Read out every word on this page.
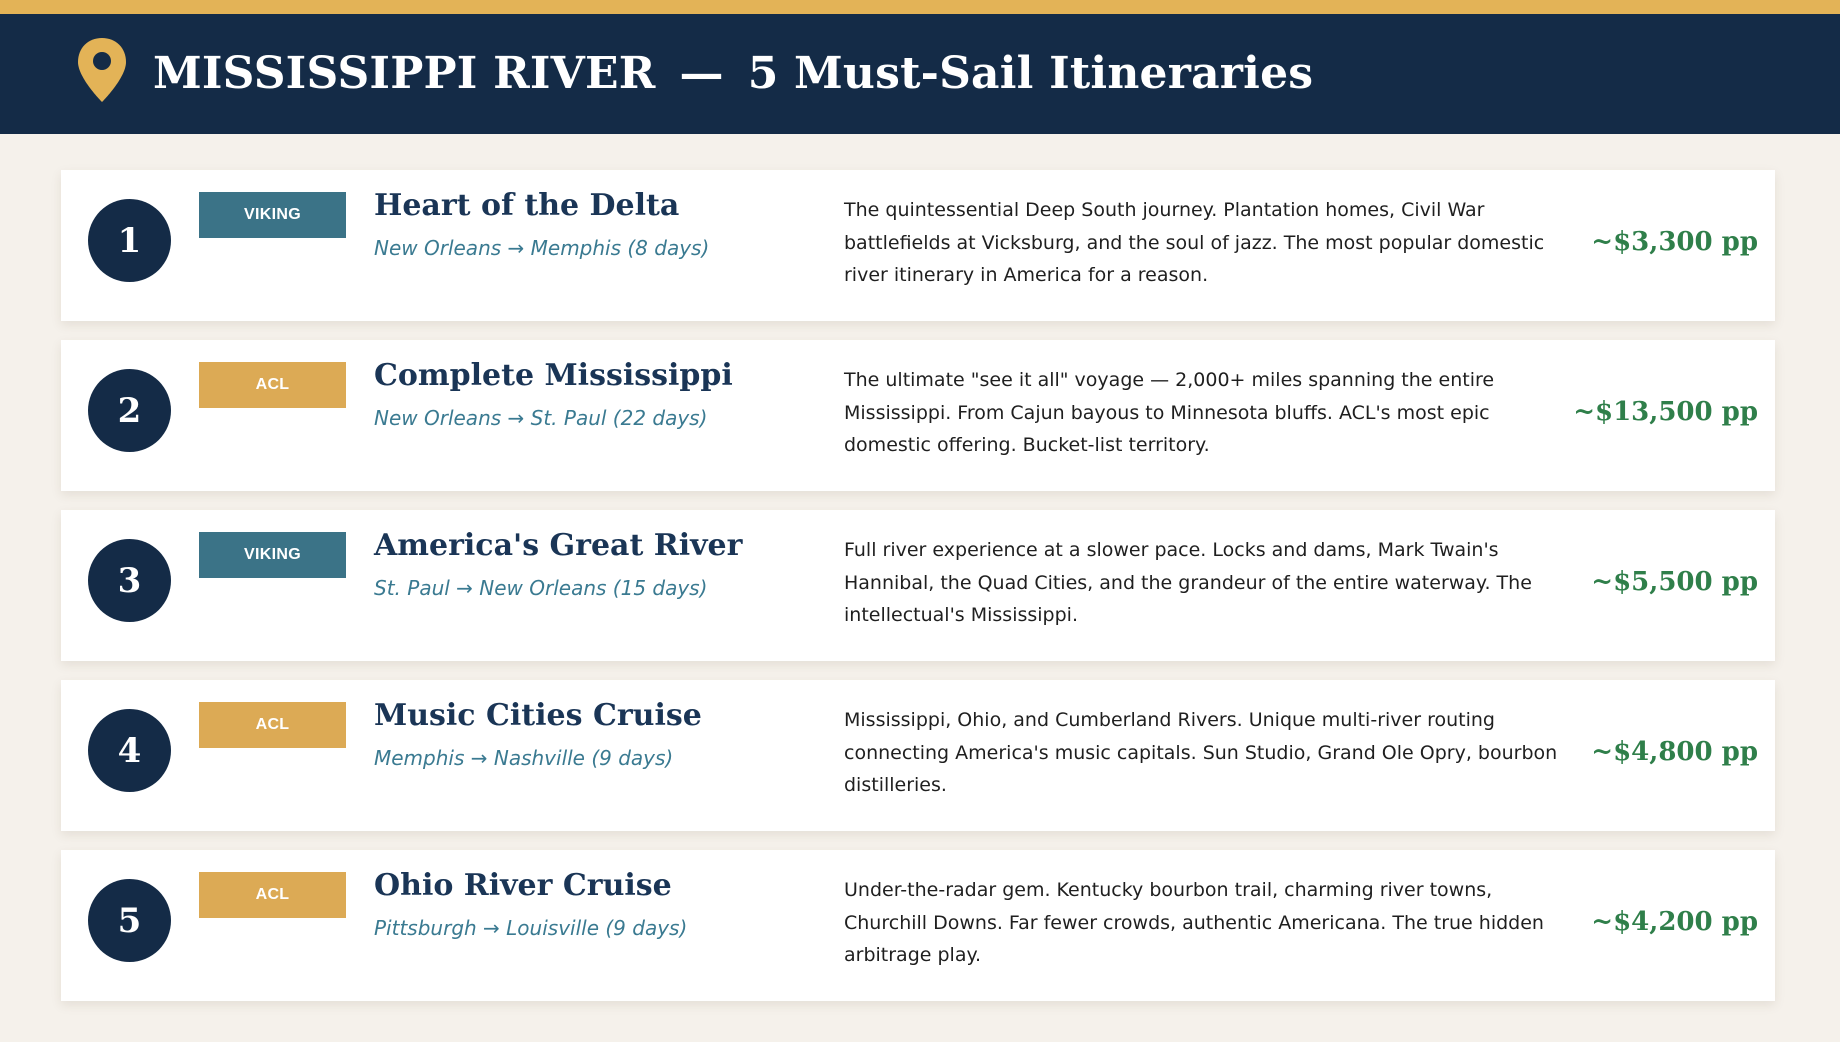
MISSISSIPPI RIVER — 5 Must-Sail Itineraries
1
VIKING	Heart of the Delta
New Orleans → Memphis (8 days)
The quintessential Deep South journey. Plantation homes, Civil War battlefields at Vicksburg, and the soul of jazz. The most popular domestic river itinerary in America for a reason.
~$3,300 pp
2
ACL	Complete Mississippi
New Orleans → St. Paul (22 days)
The ultimate "see it all" voyage — 2,000+ miles spanning the entire Mississippi. From Cajun bayous to Minnesota bluffs. ACL's most epic domestic offering. Bucket-list territory.
~$13,500 pp
3
VIKING	America's Great River
St. Paul → New Orleans (15 days)
Full river experience at a slower pace. Locks and dams, Mark Twain's Hannibal, the Quad Cities, and the grandeur of the entire waterway. The intellectual's Mississippi.
~$5,500 pp
4
ACL	Music Cities Cruise
Memphis → Nashville (9 days)
Mississippi, Ohio, and Cumberland Rivers. Unique multi-river routing connecting America's music capitals. Sun Studio, Grand Ole Opry, bourbon distilleries.
~$4,800 pp
5
ACL	Ohio River Cruise
Pittsburgh → Louisville (9 days)
Under-the-radar gem. Kentucky bourbon trail, charming river towns, Churchill Downs. Far fewer crowds, authentic Americana. The true hidden arbitrage play.
~$4,200 pp
